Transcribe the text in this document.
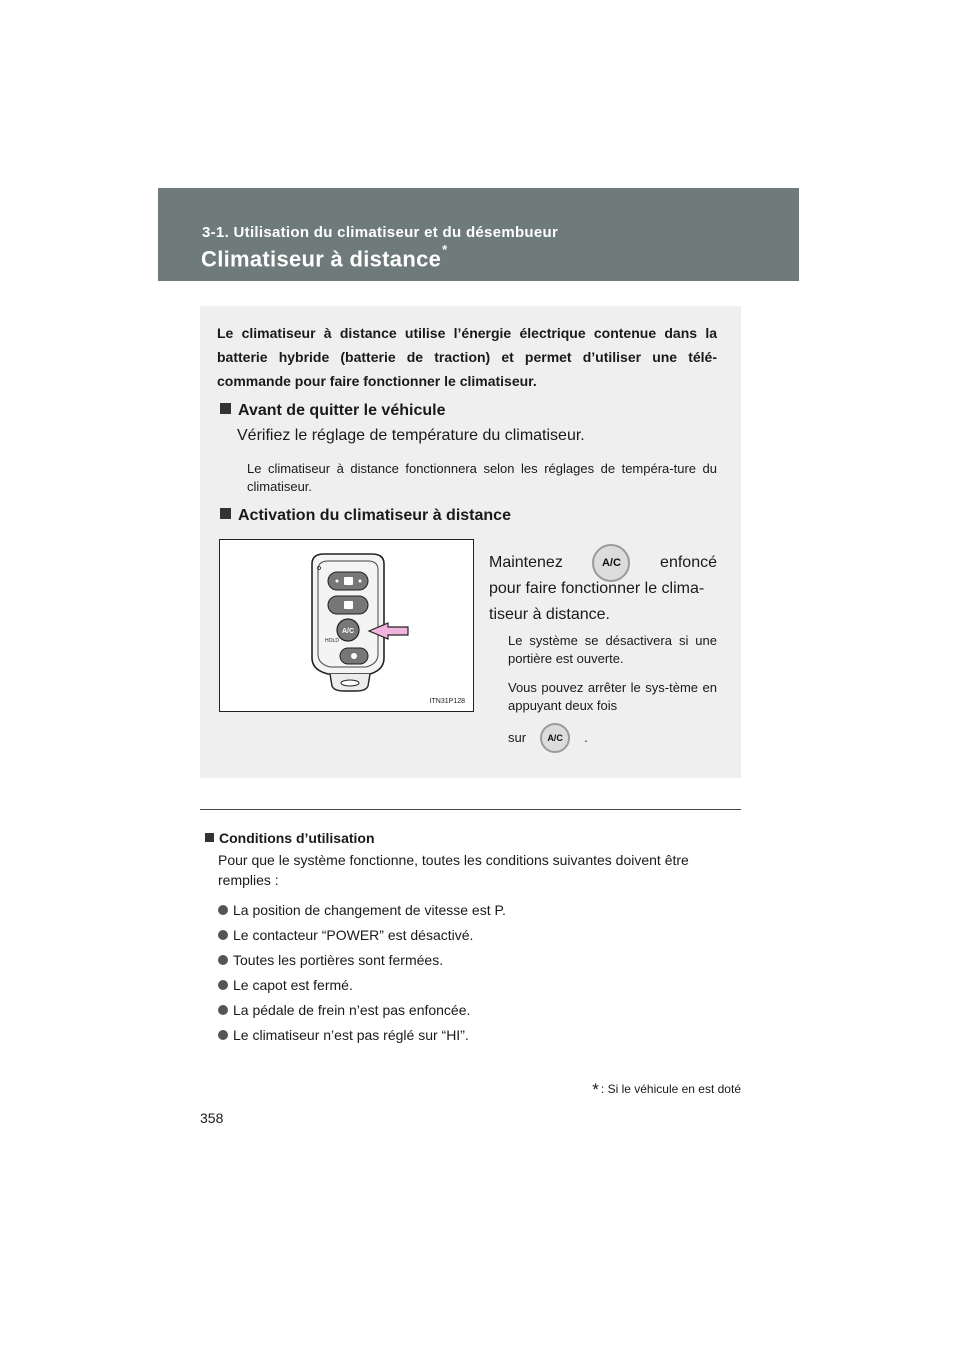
3-1. Utilisation du climatiseur et du désembueur
Climatiseur à distance*
Le climatiseur à distance utilise l’énergie électrique contenue dans la batterie hybride (batterie de traction) et permet d’utiliser une télé-commande pour faire fonctionner le climatiseur.
Avant de quitter le véhicule
Vérifiez le réglage de température du climatiseur.
Le climatiseur à distance fonctionnera selon les réglages de tempéra-ture du climatiseur.
Activation du climatiseur à distance
A/C
HOLD
ITN31P128
Maintenez	A/C enfoncé
pour faire fonctionner le clima-tiseur à distance.
Le système se désactivera si une portière est ouverte.
Vous pouvez arrêter le sys-tème en appuyant deux fois
sur A/C .
Conditions d’utilisation
Pour que le système fonctionne, toutes les conditions suivantes doivent être remplies :
La position de changement de vitesse est P.
Le contacteur “POWER” est désactivé.
Toutes les portières sont fermées.
Le capot est fermé.
La pédale de frein n’est pas enfoncée.
Le climatiseur n’est pas réglé sur “HI”.
* : Si le véhicule en est doté
358
